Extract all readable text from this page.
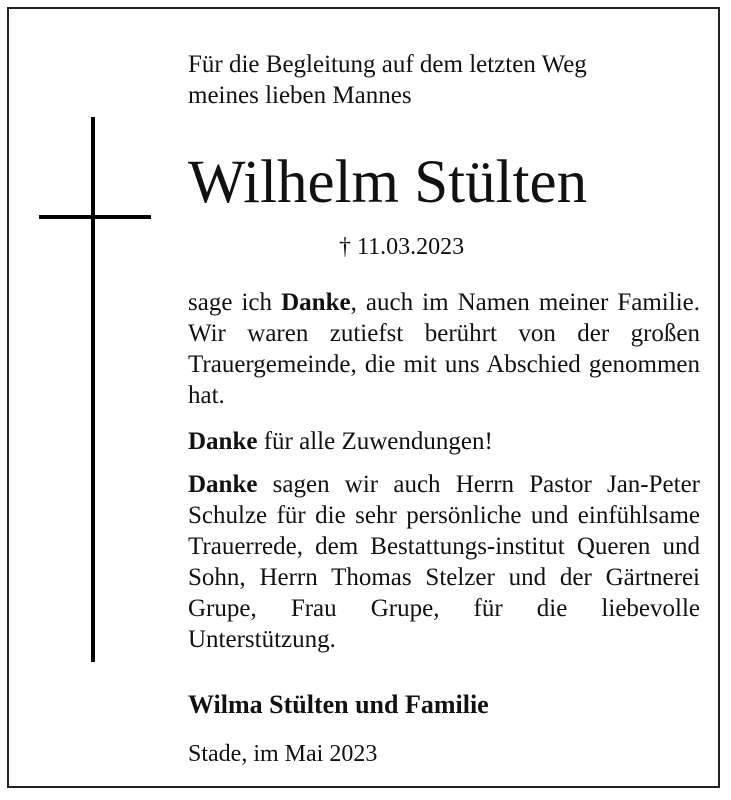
Für die Begleitung auf dem letzten Weg
meines lieben Mannes
Wilhelm Stülten
† 11.03.2023

sage ich Danke, auch im Namen meiner Familie. Wir waren zutiefst berührt von der großen Trauergemeinde, die mit uns Abschied genommen hat.

Danke für alle Zuwendungen!

Danke sagen wir auch Herrn Pastor Jan-Peter Schulze für die sehr persönliche und einfühlsame Trauerrede, dem Bestattungs-institut Queren und Sohn, Herrn Thomas Stelzer und der Gärtnerei Grupe, Frau Grupe, für die liebevolle Unterstützung.

Wilma Stülten und Familie
Stade, im Mai 2023
